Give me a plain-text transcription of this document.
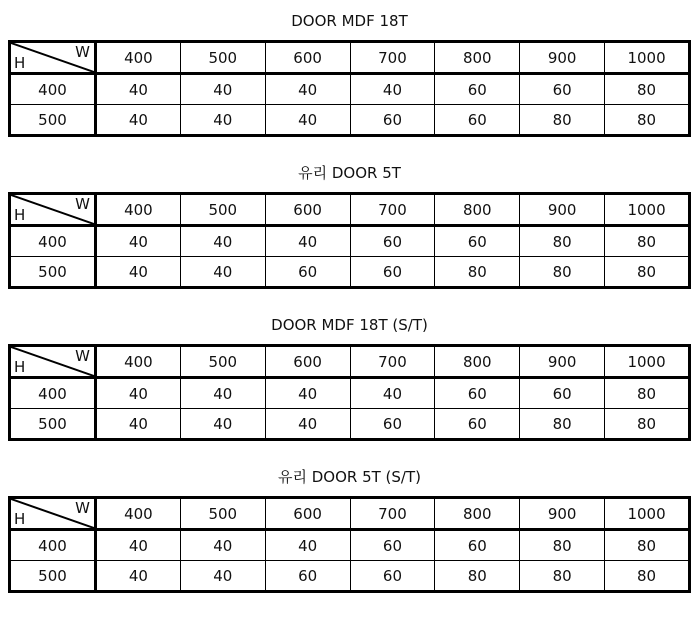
DOOR MDF 18T
H
W	400	500	600	700	800	900	1000
400	40	40	40	40	60	60	80
500	40	40	40	60	60	80	80
유리 DOOR 5T
H
W	400	500	600	700	800	900	1000
400	40	40	40	60	60	80	80
500	40	40	60	60	80	80	80
DOOR MDF 18T (S/T)
H
W	400	500	600	700	800	900	1000
400	40	40	40	40	60	60	80
500	40	40	40	60	60	80	80
유리 DOOR 5T (S/T)
H
W	400	500	600	700	800	900	1000
400	40	40	40	60	60	80	80
500	40	40	60	60	80	80	80
